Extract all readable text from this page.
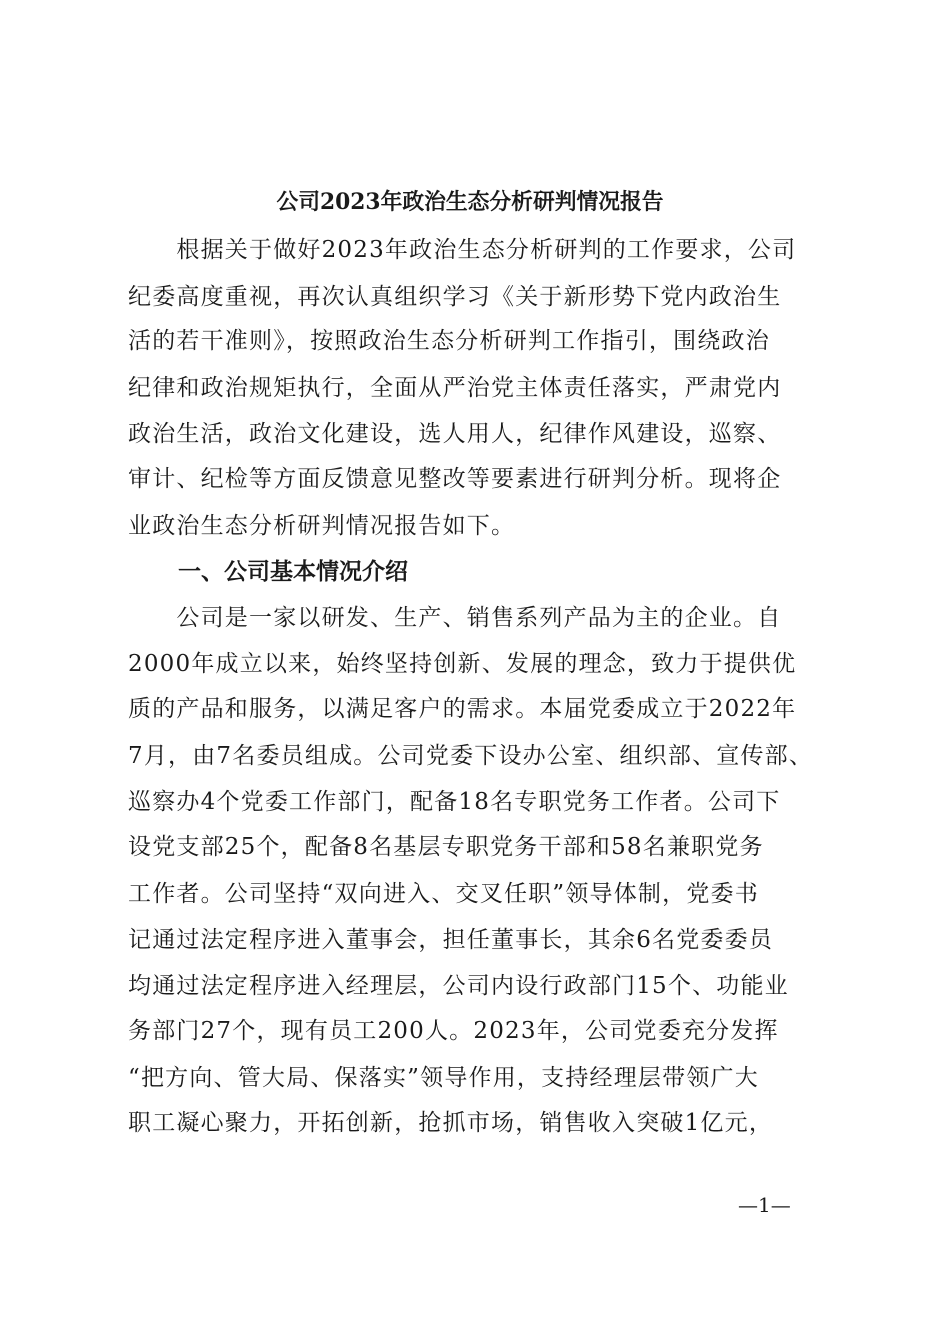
公司2023年政治生态分析研判情况报告
　　根据关于做好2023年政治生态分析研判的工作要求，公司
纪委高度重视，再次认真组织学习《关于新形势下党内政治生
活的若干准则》，按照政治生态分析研判工作指引，围绕政治
纪律和政治规矩执行，全面从严治党主体责任落实，严肃党内
政治生活，政治文化建设，选人用人，纪律作风建设，巡察、
审计、纪检等方面反馈意见整改等要素进行研判分析。现将企
业政治生态分析研判情况报告如下。
一、公司基本情况介绍
　　公司是一家以研发、生产、销售系列产品为主的企业。自
2000年成立以来，始终坚持创新、发展的理念，致力于提供优
质的产品和服务，以满足客户的需求。本届党委成立于2022年
7月，由7名委员组成。公司党委下设办公室、组织部、宣传部、
巡察办4个党委工作部门，配备18名专职党务工作者。公司下
设党支部25个，配备8名基层专职党务干部和58名兼职党务
工作者。公司坚持“双向进入、交叉任职”领导体制，党委书
记通过法定程序进入董事会，担任董事长，其余6名党委委员
均通过法定程序进入经理层，公司内设行政部门15个、功能业
务部门27个，现有员工200人。2023年，公司党委充分发挥
“把方向、管大局、保落实”领导作用，支持经理层带领广大
职工凝心聚力，开拓创新，抢抓市场，销售收入突破1亿元，
—1—
